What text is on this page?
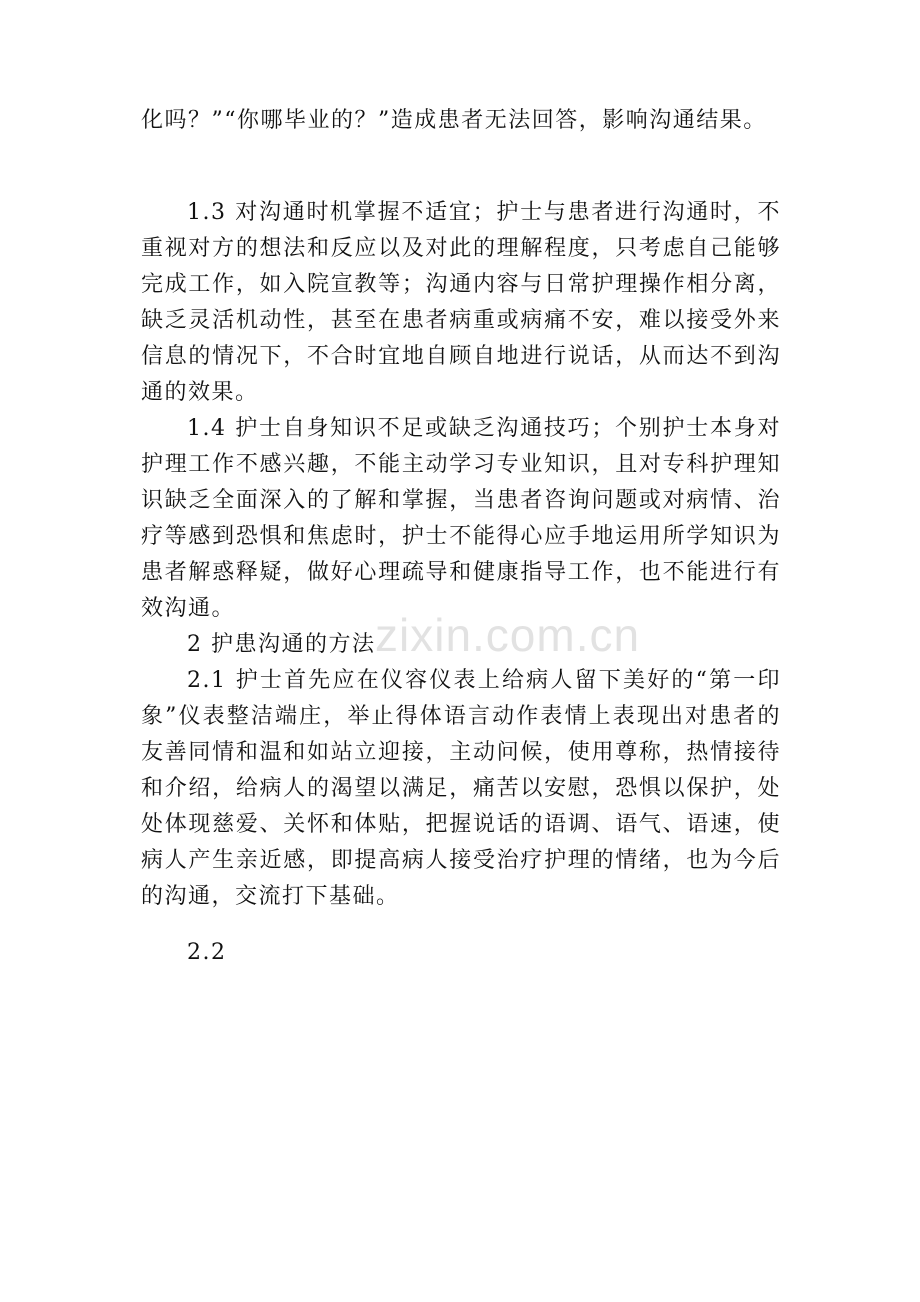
化吗？”“你哪毕业的？”造成患者无法回答，影响沟通结果。

1.3 对沟通时机掌握不适宜；护士与患者进行沟通时，不重视对方的想法和反应以及对此的理解程度，只考虑自己能够完成工作，如入院宣教等；沟通内容与日常护理操作相分离，缺乏灵活机动性，甚至在患者病重或病痛不安，难以接受外来信息的情况下，不合时宜地自顾自地进行说话，从而达不到沟通的效果。

1.4 护士自身知识不足或缺乏沟通技巧；个别护士本身对护理工作不感兴趣，不能主动学习专业知识，且对专科护理知识缺乏全面深入的了解和掌握，当患者咨询问题或对病情、治疗等感到恐惧和焦虑时，护士不能得心应手地运用所学知识为患者解惑释疑，做好心理疏导和健康指导工作，也不能进行有效沟通。

2 护患沟通的方法

2.1 护士首先应在仪容仪表上给病人留下美好的“第一印象”仪表整洁端庄，举止得体语言动作表情上表现出对患者的友善同情和温和如站立迎接，主动问候，使用尊称，热情接待和介绍，给病人的渴望以满足，痛苦以安慰，恐惧以保护，处处体现慈爱、关怀和体贴，把握说话的语调、语气、语速，使病人产生亲近感，即提高病人接受治疗护理的情绪，也为今后的沟通，交流打下基础。

2.2

zixin.com.cn
